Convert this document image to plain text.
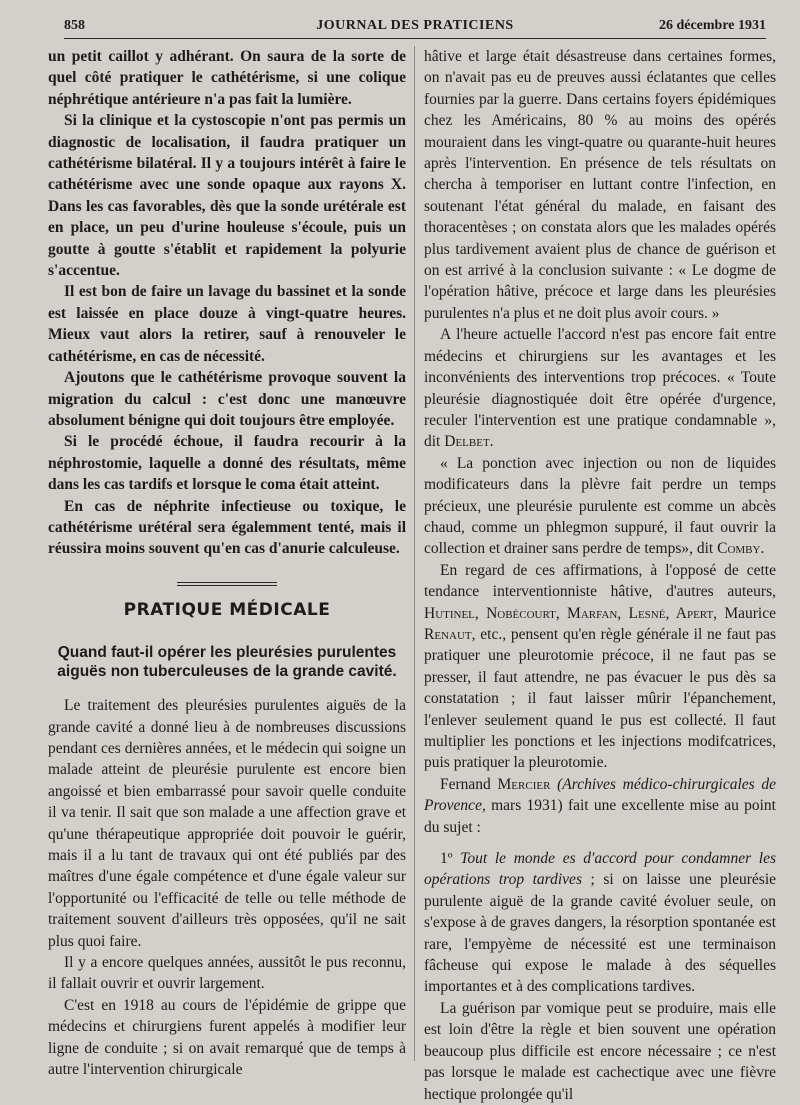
858	JOURNAL DES PRATICIENS	26 décembre 1931

un petit caillot y adhérant. On saura de la sorte de quel côté pratiquer le cathétérisme, si une colique néphrétique antérieure n'a pas fait la lumière.

Si la clinique et la cystoscopie n'ont pas permis un diagnostic de localisation, il faudra pratiquer un cathétérisme bilatéral. Il y a toujours intérêt à faire le cathétérisme avec une sonde opaque aux rayons X. Dans les cas favorables, dès que la sonde urétérale est en place, un peu d'urine houleuse s'écoule, puis un goutte à goutte s'établit et rapidement la polyurie s'accentue.

Il est bon de faire un lavage du bassinet et la sonde est laissée en place douze à vingt-quatre heures. Mieux vaut alors la retirer, sauf à renouveler le cathétérisme, en cas de nécessité.

Ajoutons que le cathétérisme provoque souvent la migration du calcul : c'est donc une manœuvre absolument bénigne qui doit toujours être employée.

Si le procédé échoue, il faudra recourir à la néphrostomie, laquelle a donné des résultats, même dans les cas tardifs et lorsque le coma était atteint.

En cas de néphrite infectieuse ou toxique, le cathétérisme urétéral sera égalemment tenté, mais il réussira moins souvent qu'en cas d'anurie calculeuse.

PRATIQUE MÉDICALE
Quand faut-il opérer les pleurésies purulentes aiguës non tuberculeuses de la grande cavité.

Le traitement des pleurésies purulentes aiguës de la grande cavité a donné lieu à de nombreuses discussions pendant ces dernières années, et le médecin qui soigne un malade atteint de pleurésie purulente est encore bien angoissé et bien embarrassé pour savoir quelle conduite il va tenir. Il sait que son malade a une affection grave et qu'une thérapeutique appropriée doit pouvoir le guérir, mais il a lu tant de travaux qui ont été publiés par des maîtres d'une égale compétence et d'une égale valeur sur l'opportunité ou l'efficacité de telle ou telle méthode de traitement souvent d'ailleurs très opposées, qu'il ne sait plus quoi faire.

Il y a encore quelques années, aussitôt le pus reconnu, il fallait ouvrir et ouvrir largement.

C'est en 1918 au cours de l'épidémie de grippe que médecins et chirurgiens furent appelés à modifier leur ligne de conduite ; si on avait remarqué que de temps à autre l'intervention chirurgicale

hâtive et large était désastreuse dans certaines formes, on n'avait pas eu de preuves aussi éclatantes que celles fournies par la guerre. Dans certains foyers épidémiques chez les Américains, 80 % au moins des opérés mouraient dans les vingt-quatre ou quarante-huit heures après l'intervention. En présence de tels résultats on chercha à temporiser en luttant contre l'infection, en soutenant l'état général du malade, en faisant des thoracentèses ; on constata alors que les malades opérés plus tardivement avaient plus de chance de guérison et on est arrivé à la conclusion suivante : « Le dogme de l'opération hâtive, précoce et large dans les pleurésies purulentes n'a plus et ne doit plus avoir cours. »

A l'heure actuelle l'accord n'est pas encore fait entre médecins et chirurgiens sur les avantages et les inconvénients des interventions trop précoces. « Toute pleurésie diagnostiquée doit être opérée d'urgence, reculer l'intervention est une pratique condamnable », dit Delbet.

« La ponction avec injection ou non de liquides modificateurs dans la plèvre fait perdre un temps précieux, une pleurésie purulente est comme un abcès chaud, comme un phlegmon suppuré, il faut ouvrir la collection et drainer sans perdre de temps», dit Comby.

En regard de ces affirmations, à l'opposé de cette tendance interventionniste hâtive, d'autres auteurs, Hutinel, Nobécourt, Marfan, Lesné, Apert, Maurice Renaut, etc., pensent qu'en règle générale il ne faut pas pratiquer une pleurotomie précoce, il ne faut pas se presser, il faut attendre, ne pas évacuer le pus dès sa constatation ; il faut laisser mûrir l'épanchement, l'enlever seulement quand le pus est collecté. Il faut multiplier les ponctions et les injections modifcatrices, puis pratiquer la pleurotomie.

Fernand Mercier (Archives médico-chirurgicales de Provence, mars 1931) fait une excellente mise au point du sujet :

1º Tout le monde es d'accord pour condamner les opérations trop tardives ; si on laisse une pleurésie purulente aiguë de la grande cavité évoluer seule, on s'expose à de graves dangers, la résorption spontanée est rare, l'empyème de nécessité est une terminaison fâcheuse qui expose le malade à des séquelles importantes et à des complications tardives.

La guérison par vomique peut se produire, mais elle est loin d'être la règle et bien souvent une opération beaucoup plus difficile est encore nécessaire ; ce n'est pas lorsque le malade est cachectique avec une fièvre hectique prolongée qu'il
